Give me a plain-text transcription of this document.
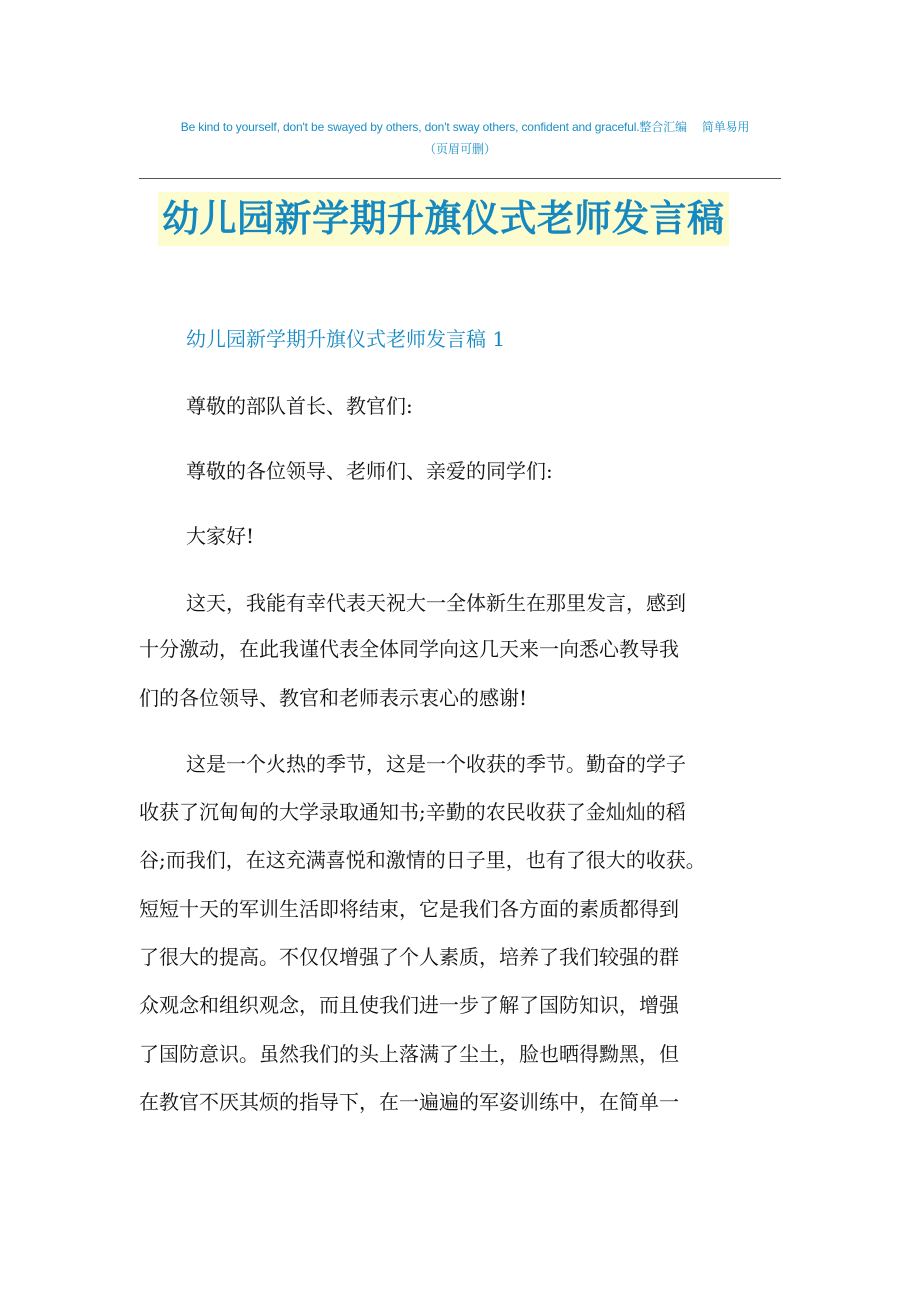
Be kind to yourself, don't be swayed by others, don't sway others, confident and graceful.整合汇编　 简单易用
（页眉可删）
幼儿园新学期升旗仪式老师发言稿
幼儿园新学期升旗仪式老师发言稿 1
尊敬的部队首长、教官们:
尊敬的各位领导、老师们、亲爱的同学们:
大家好!
这天，我能有幸代表天祝大一全体新生在那里发言，感到
十分激动，在此我谨代表全体同学向这几天来一向悉心教导我
们的各位领导、教官和老师表示衷心的感谢!
这是一个火热的季节，这是一个收获的季节。勤奋的学子
收获了沉甸甸的大学录取通知书;辛勤的农民收获了金灿灿的稻
谷;而我们，在这充满喜悦和激情的日子里，也有了很大的收获。
短短十天的军训生活即将结束，它是我们各方面的素质都得到
了很大的提高。不仅仅增强了个人素质，培养了我们较强的群
众观念和组织观念，而且使我们进一步了解了国防知识，增强
了国防意识。虽然我们的头上落满了尘土，脸也晒得黝黑，但
在教官不厌其烦的指导下，在一遍遍的军姿训练中，在简单一
